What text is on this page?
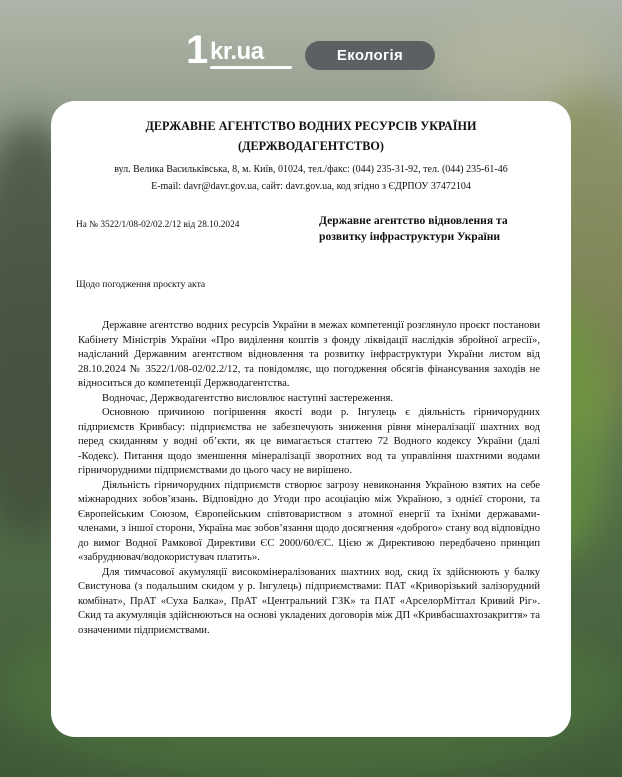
1 kr.ua	Екологія
ДЕРЖАВНЕ АГЕНТСТВО ВОДНИХ РЕСУРСІВ УКРАЇНИ
(ДЕРЖВОДАГЕНТСТВО)
вул. Велика Васильківська, 8, м. Київ, 01024, тел./факс: (044) 235-31-92, тел. (044) 235-61-46
E-mail: davr@davr.gov.ua, сайт: davr.gov.ua, код згідно з ЄДРПОУ 37472104
На № 3522/1/08-02/02.2/12 від 28.10.2024	Державне агентство відновлення та розвитку інфраструктури України
Щодо погодження проєкту акта

Державне агентство водних ресурсів України в межах компетенції розглянуло проєкт постанови Кабінету Міністрів України «Про виділення коштів з фонду ліквідації наслідків збройної агресії», надісланий Державним агентством відновлення та розвитку інфраструктури України листом від 28.10.2024 № 3522/1/08-02/02.2/12, та повідомляє, що погодження обсягів фінансування заходів не відноситься до компетенції Держводагентства.

Водночас, Держводагентство висловлює наступні застереження.

Основною причиною погіршення якості води р. Інгулець є діяльність гірничорудних підприємств Кривбасу: підприємства не забезпечують зниження рівня мінералізації шахтних вод перед скиданням у водні об’єкти, як це вимагається статтею 72 Водного кодексу України (далі -Кодекс). Питання щодо зменшення мінералізації зворотних вод та управління шахтними водами гірничорудними підприємствами до цього часу не вирішено.

Діяльність гірничорудних підприємств створює загрозу невиконання Україною взятих на себе міжнародних зобов’язань. Відповідно до Угоди про асоціацію між Україною, з однієї сторони, та Європейським Союзом, Європейським співтовариством з атомної енергії та їхніми державами-членами, з іншої сторони, Україна має зобов’язання щодо досягнення «доброго» стану вод відповідно до вимог Водної Рамкової Директиви ЄС 2000/60/ЄС. Цією ж Директивою передбачено принцип «забруднювач/водокористувач платить».

Для тимчасової акумуляції високомінералізованих шахтних вод, скид їх здійснюють у балку Свистунова (з подальшим скидом у р. Інгулець) підприємствами: ПАТ «Криворізький залізорудний комбінат», ПрАТ «Суха Балка», ПрАТ «Центральний ГЗК» та ПАТ «АрселорМіттал Кривий Ріг». Скид та акумуляція здійснюються на основі укладених договорів між ДП «Кривбасшахтозакриття» та означеними підприємствами.
